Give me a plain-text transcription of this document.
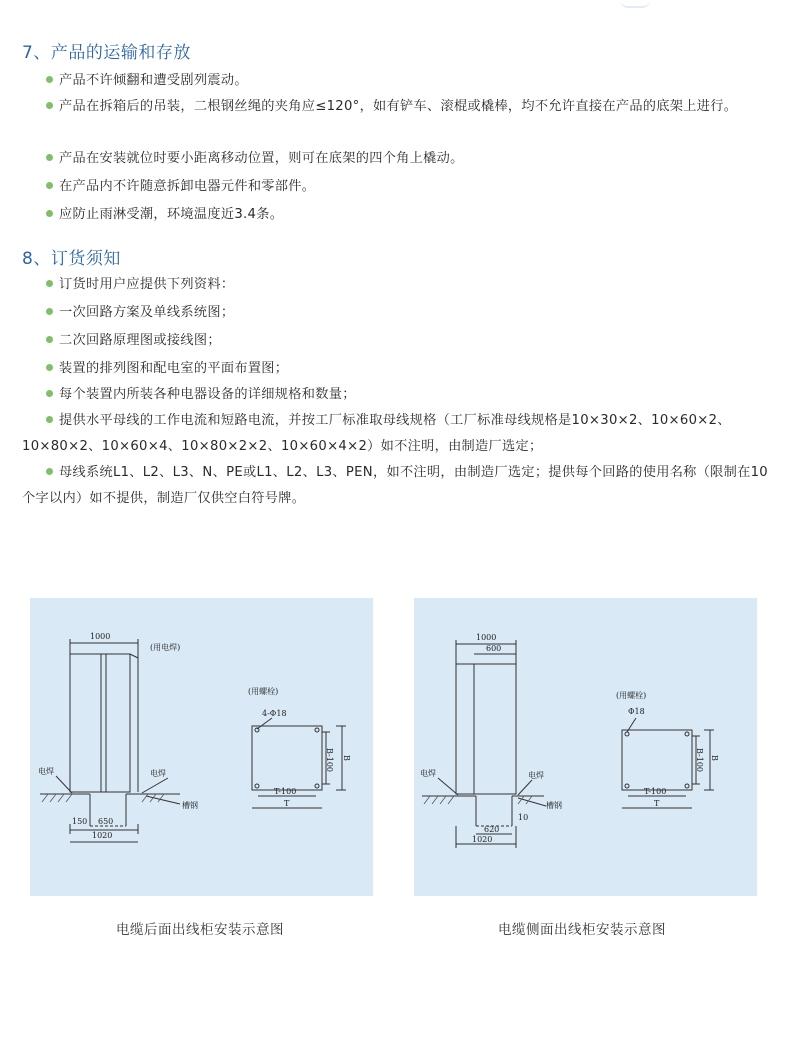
7、产品的运输和存放
产品不许倾翻和遭受剧列震动。
产品在拆箱后的吊装，二根钢丝绳的夹角应≤120°，如有铲车、滚棍或橇棒，均不允许直接在产品的底架上进行。
产品在安装就位时要小距离移动位置，则可在底架的四个角上橇动。
在产品内不许随意拆卸电器元件和零部件。
应防止雨淋受潮，环境温度近3.4条。
8、订货须知
订货时用户应提供下列资料：
一次回路方案及单线系统图；
二次回路原理图或接线图；
装置的排列图和配电室的平面布置图；
每个装置内所装各种电器设备的详细规格和数量；
提供水平母线的工作电流和短路电流，并按工厂标准取母线规格（工厂标准母线规格是10×30×2、10×60×2、10×80×2、10×60×4、10×80×2×2、10×60×4×2）如不注明，由制造厂选定；
母线系统L1、L2、L3、N、PE或L1、L2、L3、PEN，如不注明，由制造厂选定；提供每个回路的使用名称（限制在10个字以内）如不提供，制造厂仅供空白符号牌。
1000
(用电焊)
电焊	电焊
槽钢
(用螺栓)
4-Φ18
B-100 B
T-100
T
150 650
1020
电缆后面出线柜安装示意图
1000
600
电焊	电焊
槽钢
(用螺栓)
Φ18
B-100 B
T-100
T
10
620
1020
电缆侧面出线柜安装示意图
